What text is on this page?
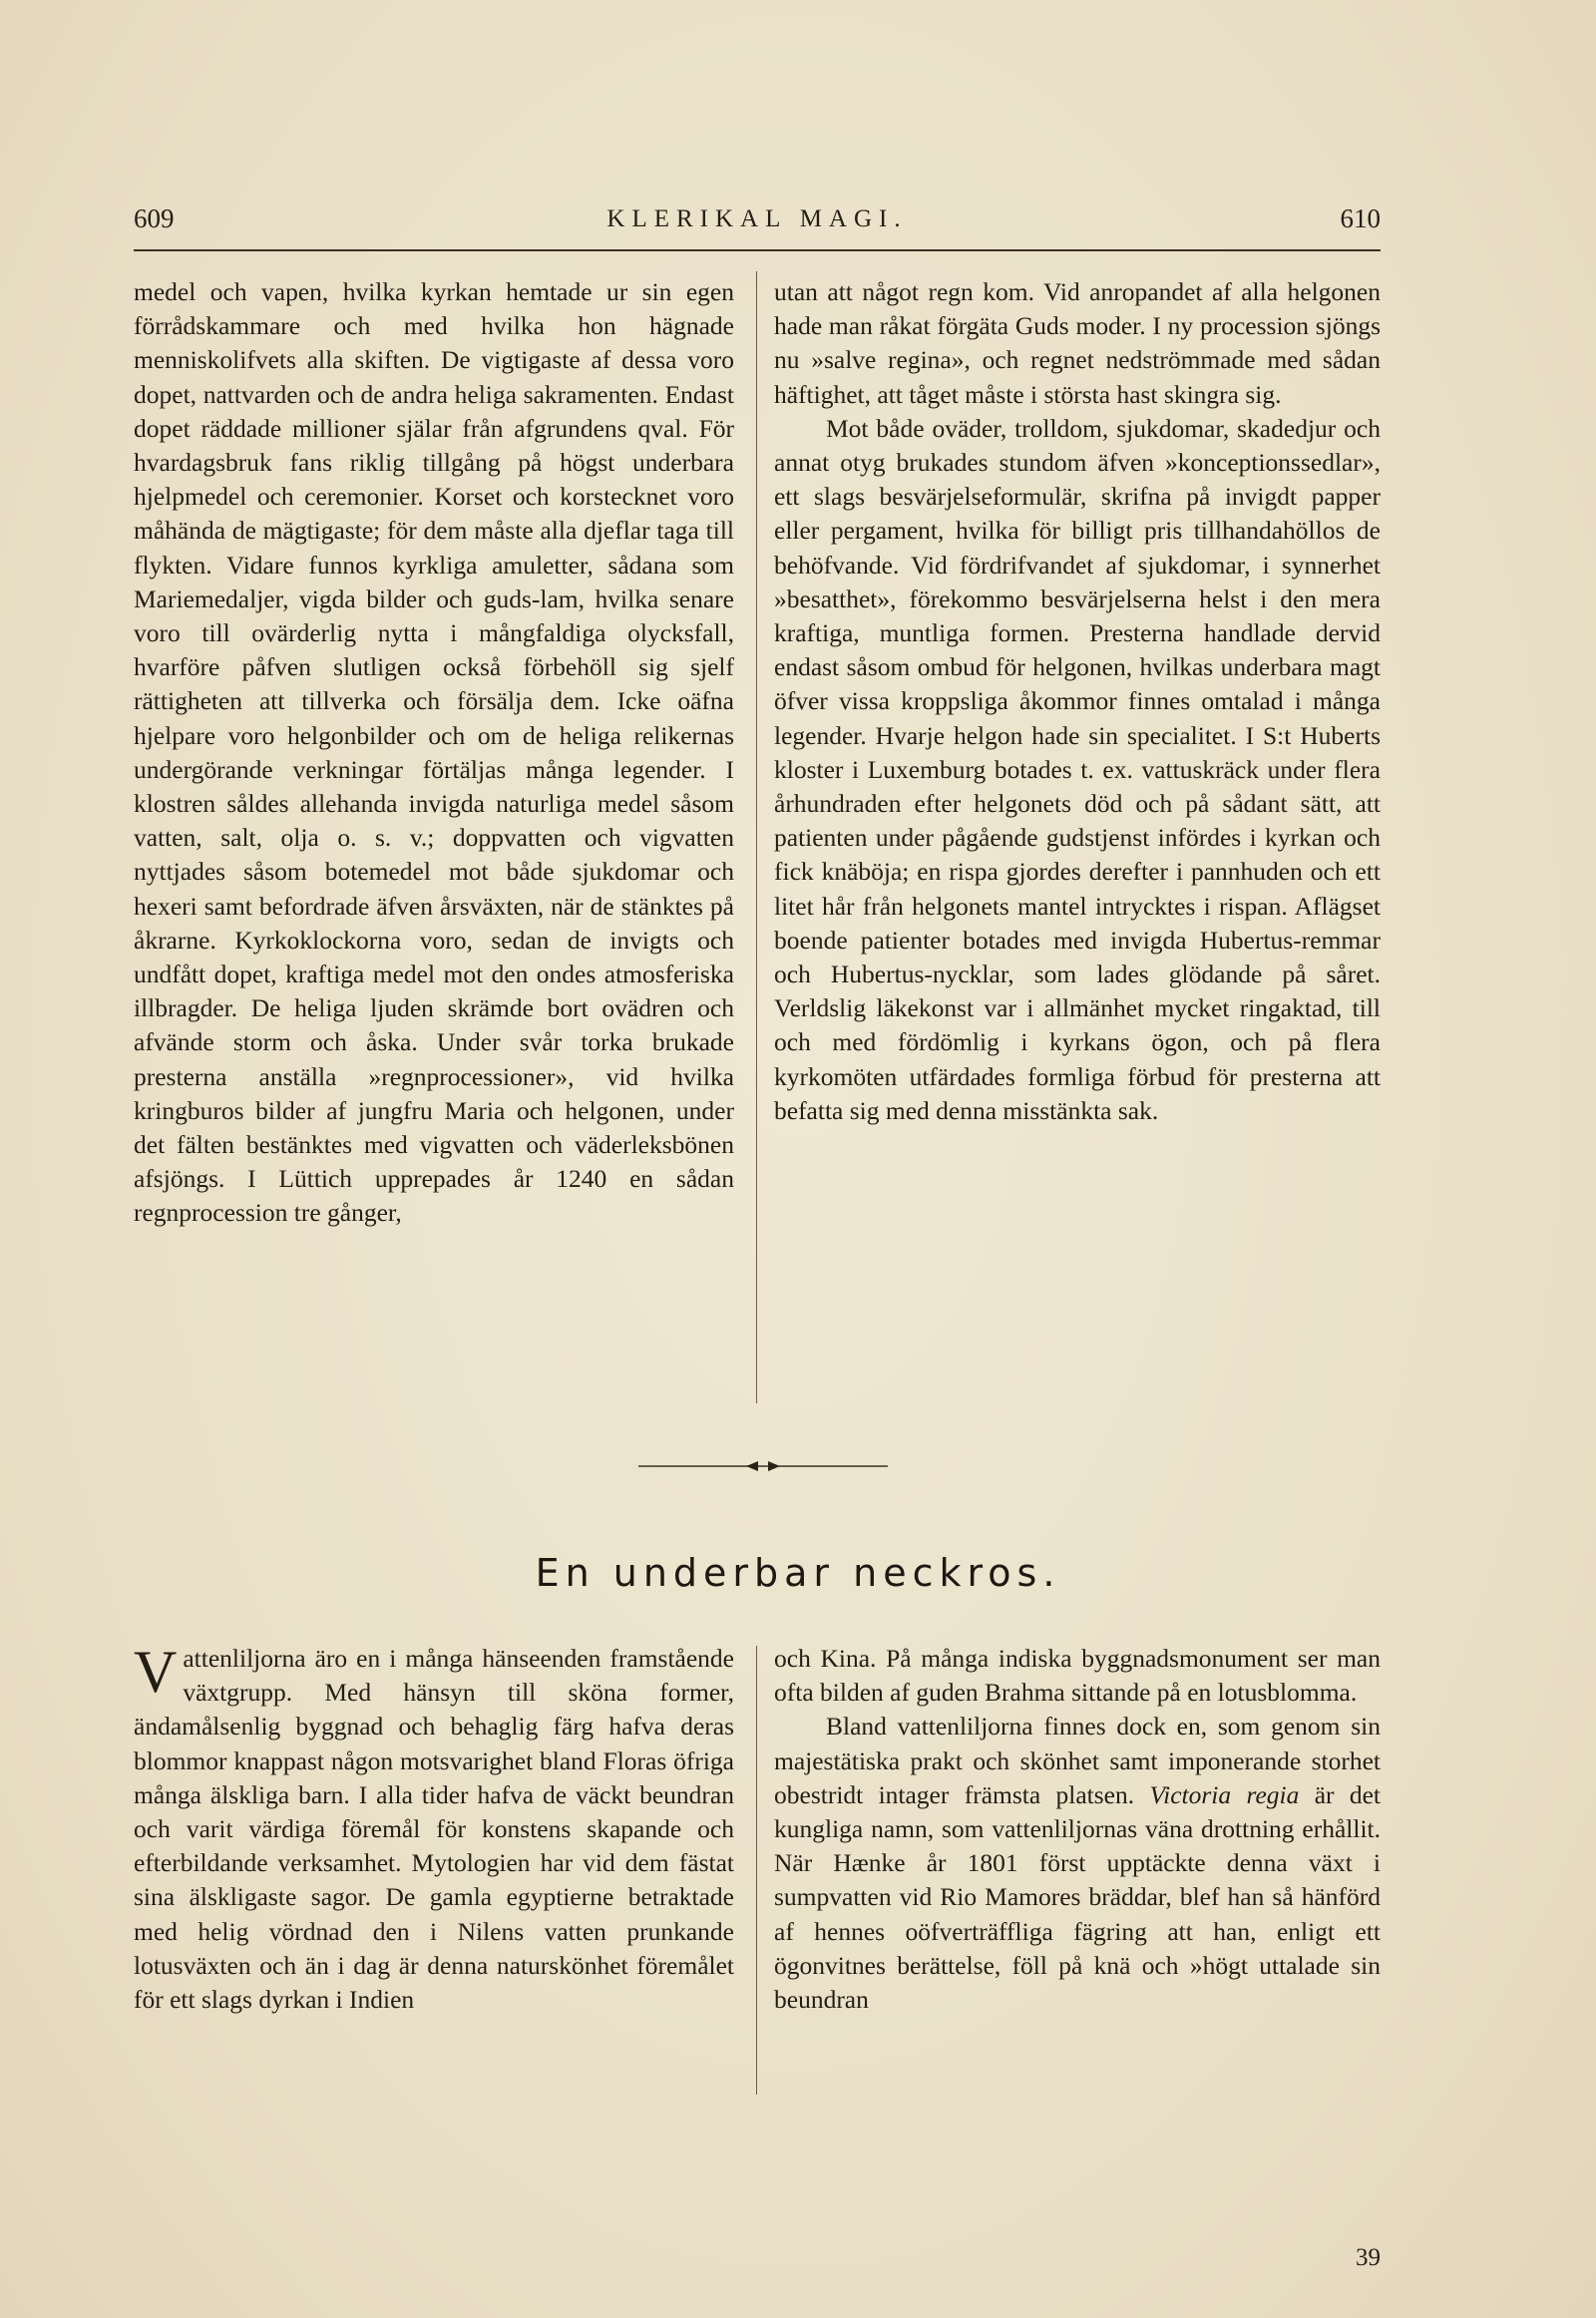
609	KLERIKAL MAGI.	610

medel och vapen, hvilka kyrkan hemtade ur sin egen förrådskammare och med hvilka hon hägnade menniskolifvets alla skiften. De vigtigaste af dessa voro dopet, nattvarden och de andra heliga sakramenten. Endast dopet räddade millioner själar från afgrundens qval. För hvardagsbruk fans riklig tillgång på högst underbara hjelpmedel och ceremonier. Korset och korstecknet voro måhända de mägtigaste; för dem måste alla djeflar taga till flykten. Vidare funnos kyrkliga amuletter, sådana som Mariemedaljer, vigda bilder och guds-lam, hvilka senare voro till ovärderlig nytta i mångfaldiga olycksfall, hvarföre påfven slutligen också förbehöll sig sjelf rättigheten att tillverka och försälja dem. Icke oäfna hjelpare voro helgonbilder och om de heliga relikernas undergörande verkningar förtäljas många legender. I klostren såldes allehanda invigda naturliga medel såsom vatten, salt, olja o. s. v.; doppvatten och vigvatten nyttjades såsom botemedel mot både sjukdomar och hexeri samt befordrade äfven årsväxten, när de stänktes på åkrarne. Kyrkoklockorna voro, sedan de invigts och undfått dopet, kraftiga medel mot den ondes atmosferiska illbragder. De heliga ljuden skrämde bort ovädren och afvände storm och åska. Under svår torka brukade presterna anställa »regnprocessioner», vid hvilka kringburos bilder af jungfru Maria och helgonen, under det fälten bestänktes med vigvatten och väderleksbönen afsjöngs. I Lüttich upprepades år 1240 en sådan regnprocession tre gånger,

utan att något regn kom. Vid anropandet af alla helgonen hade man råkat förgäta Guds moder. I ny procession sjöngs nu »salve regina», och regnet nedströmmade med sådan häftighet, att tåget måste i största hast skingra sig.

Mot både oväder, trolldom, sjukdomar, skadedjur och annat otyg brukades stundom äfven »konceptionssedlar», ett slags besvärjelseformulär, skrifna på invigdt papper eller pergament, hvilka för billigt pris tillhandahöllos de behöfvande. Vid fördrifvandet af sjukdomar, i synnerhet »besatthet», förekommo besvärjelserna helst i den mera kraftiga, muntliga formen. Presterna handlade dervid endast såsom ombud för helgonen, hvilkas underbara magt öfver vissa kroppsliga åkommor finnes omtalad i många legender. Hvarje helgon hade sin specialitet. I S:t Huberts kloster i Luxemburg botades t. ex. vattuskräck under flera århundraden efter helgonets död och på sådant sätt, att patienten under pågående gudstjenst infördes i kyrkan och fick knäböja; en rispa gjordes derefter i pannhuden och ett litet hår från helgonets mantel intrycktes i rispan. Aflägset boende patienter botades med invigda Hubertus-remmar och Hubertus-nycklar, som lades glödande på såret. Verldslig läkekonst var i allmänhet mycket ringaktad, till och med fördömlig i kyrkans ögon, och på flera kyrkomöten utfärdades formliga förbud för presterna att befatta sig med denna misstänkta sak.

En underbar neckros.

Vattenliljorna äro en i många hänseenden framstående växtgrupp. Med hänsyn till sköna former, ändamålsenlig byggnad och behaglig färg hafva deras blommor knappast någon motsvarighet bland Floras öfriga många älskliga barn. I alla tider hafva de väckt beundran och varit värdiga föremål för konstens skapande och efterbildande verksamhet. Mytologien har vid dem fästat sina älskligaste sagor. De gamla egyptierne betraktade med helig vördnad den i Nilens vatten prunkande lotusväxten och än i dag är denna naturskönhet föremålet för ett slags dyrkan i Indien

och Kina. På många indiska byggnadsmonument ser man ofta bilden af guden Brahma sittande på en lotusblomma.

Bland vattenliljorna finnes dock en, som genom sin majestätiska prakt och skönhet samt imponerande storhet obestridt intager främsta platsen. Victoria regia är det kungliga namn, som vattenliljornas väna drottning erhållit. När Hænke år 1801 först upptäckte denna växt i sumpvatten vid Rio Mamores bräddar, blef han så hänförd af hennes oöfverträffliga fägring att han, enligt ett ögonvitnes berättelse, föll på knä och »högt uttalade sin beundran

39
